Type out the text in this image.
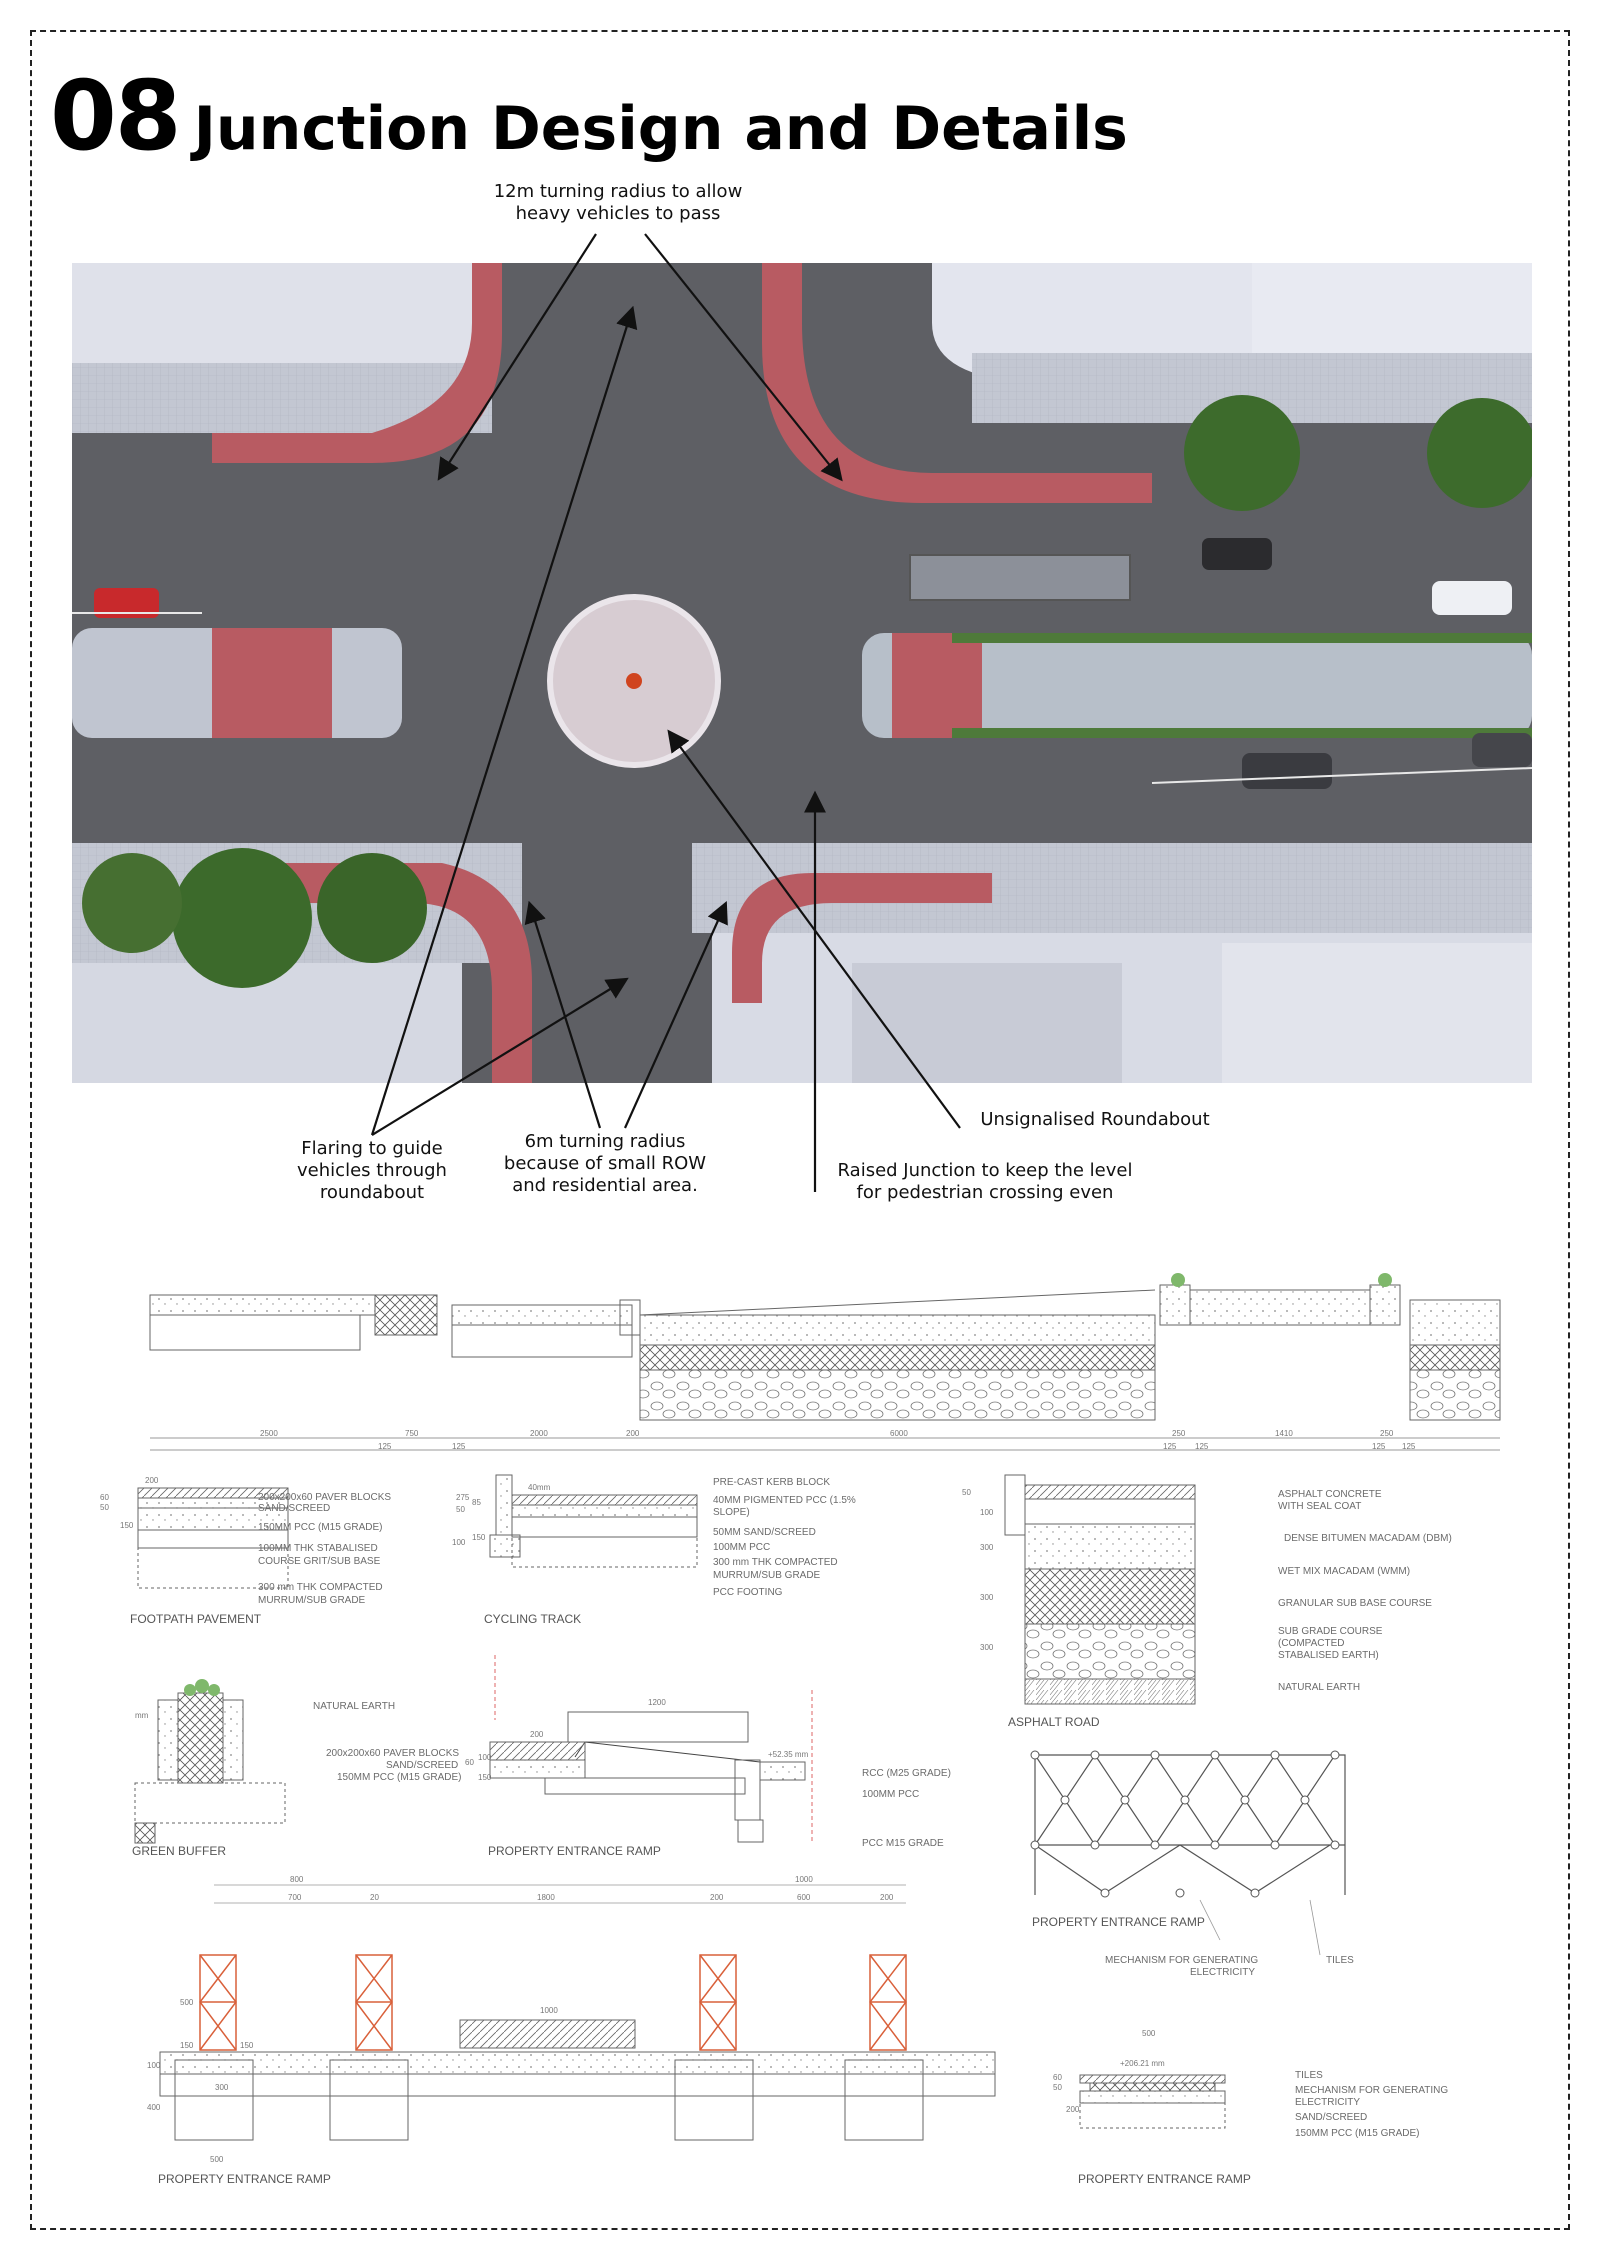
08 Junction Design and Details
12m turning radius to allow
heavy vehicles to pass
Flaring to guide
vehicles through
roundabout
6m turning radius
because of small ROW
and residential area.
Unsignalised Roundabout
Raised Junction to keep the level
for pedestrian crossing even
2500	750
125	125
2000	200	6000	250
125 125
1410	250
125 125
200
60
50
150
200x200x60 PAVER BLOCKS
SAND/SCREED
150MM PCC (M15 GRADE)
100MM THK STABALISED
COURSE GRIT/SUB BASE
300 mm THK COMPACTED
MURRUM/SUB GRADE
FOOTPATH PAVEMENT
40mm
275
50
100
85
150
PRE-CAST KERB BLOCK
40MM PIGMENTED PCC (1.5%
SLOPE)
50MM SAND/SCREED
100MM PCC
300 mm THK COMPACTED
MURRUM/SUB GRADE
PCC FOOTING
CYCLING TRACK
50
100
300
300
300
ASPHALT CONCRETE
WITH SEAL COAT
DENSE BITUMEN MACADAM (DBM)
WET MIX MACADAM (WMM)
GRANULAR SUB BASE COURSE
SUB GRADE COURSE
(COMPACTED
STABALISED EARTH)
NATURAL EARTH
ASPHALT ROAD
mm
NATURAL EARTH
GREEN BUFFER
1200
200
+52.35 mm
60
150
100
200x200x60 PAVER BLOCKS
SAND/SCREED
150MM PCC (M15 GRADE)	RCC (M25 GRADE)
100MM PCC
PCC M15 GRADE
PROPERTY ENTRANCE RAMP
800	1000
700	20	1800	200	600	200
PROPERTY ENTRANCE RAMP
MECHANISM FOR GENERATING
ELECTRICITY
TILES
1000
500
150	150
300
100
400
500
PROPERTY ENTRANCE RAMP
500
+206.21 mm
60
50
200
TILES
MECHANISM FOR GENERATING
ELECTRICITY
SAND/SCREED
150MM PCC (M15 GRADE)
PROPERTY ENTRANCE RAMP
